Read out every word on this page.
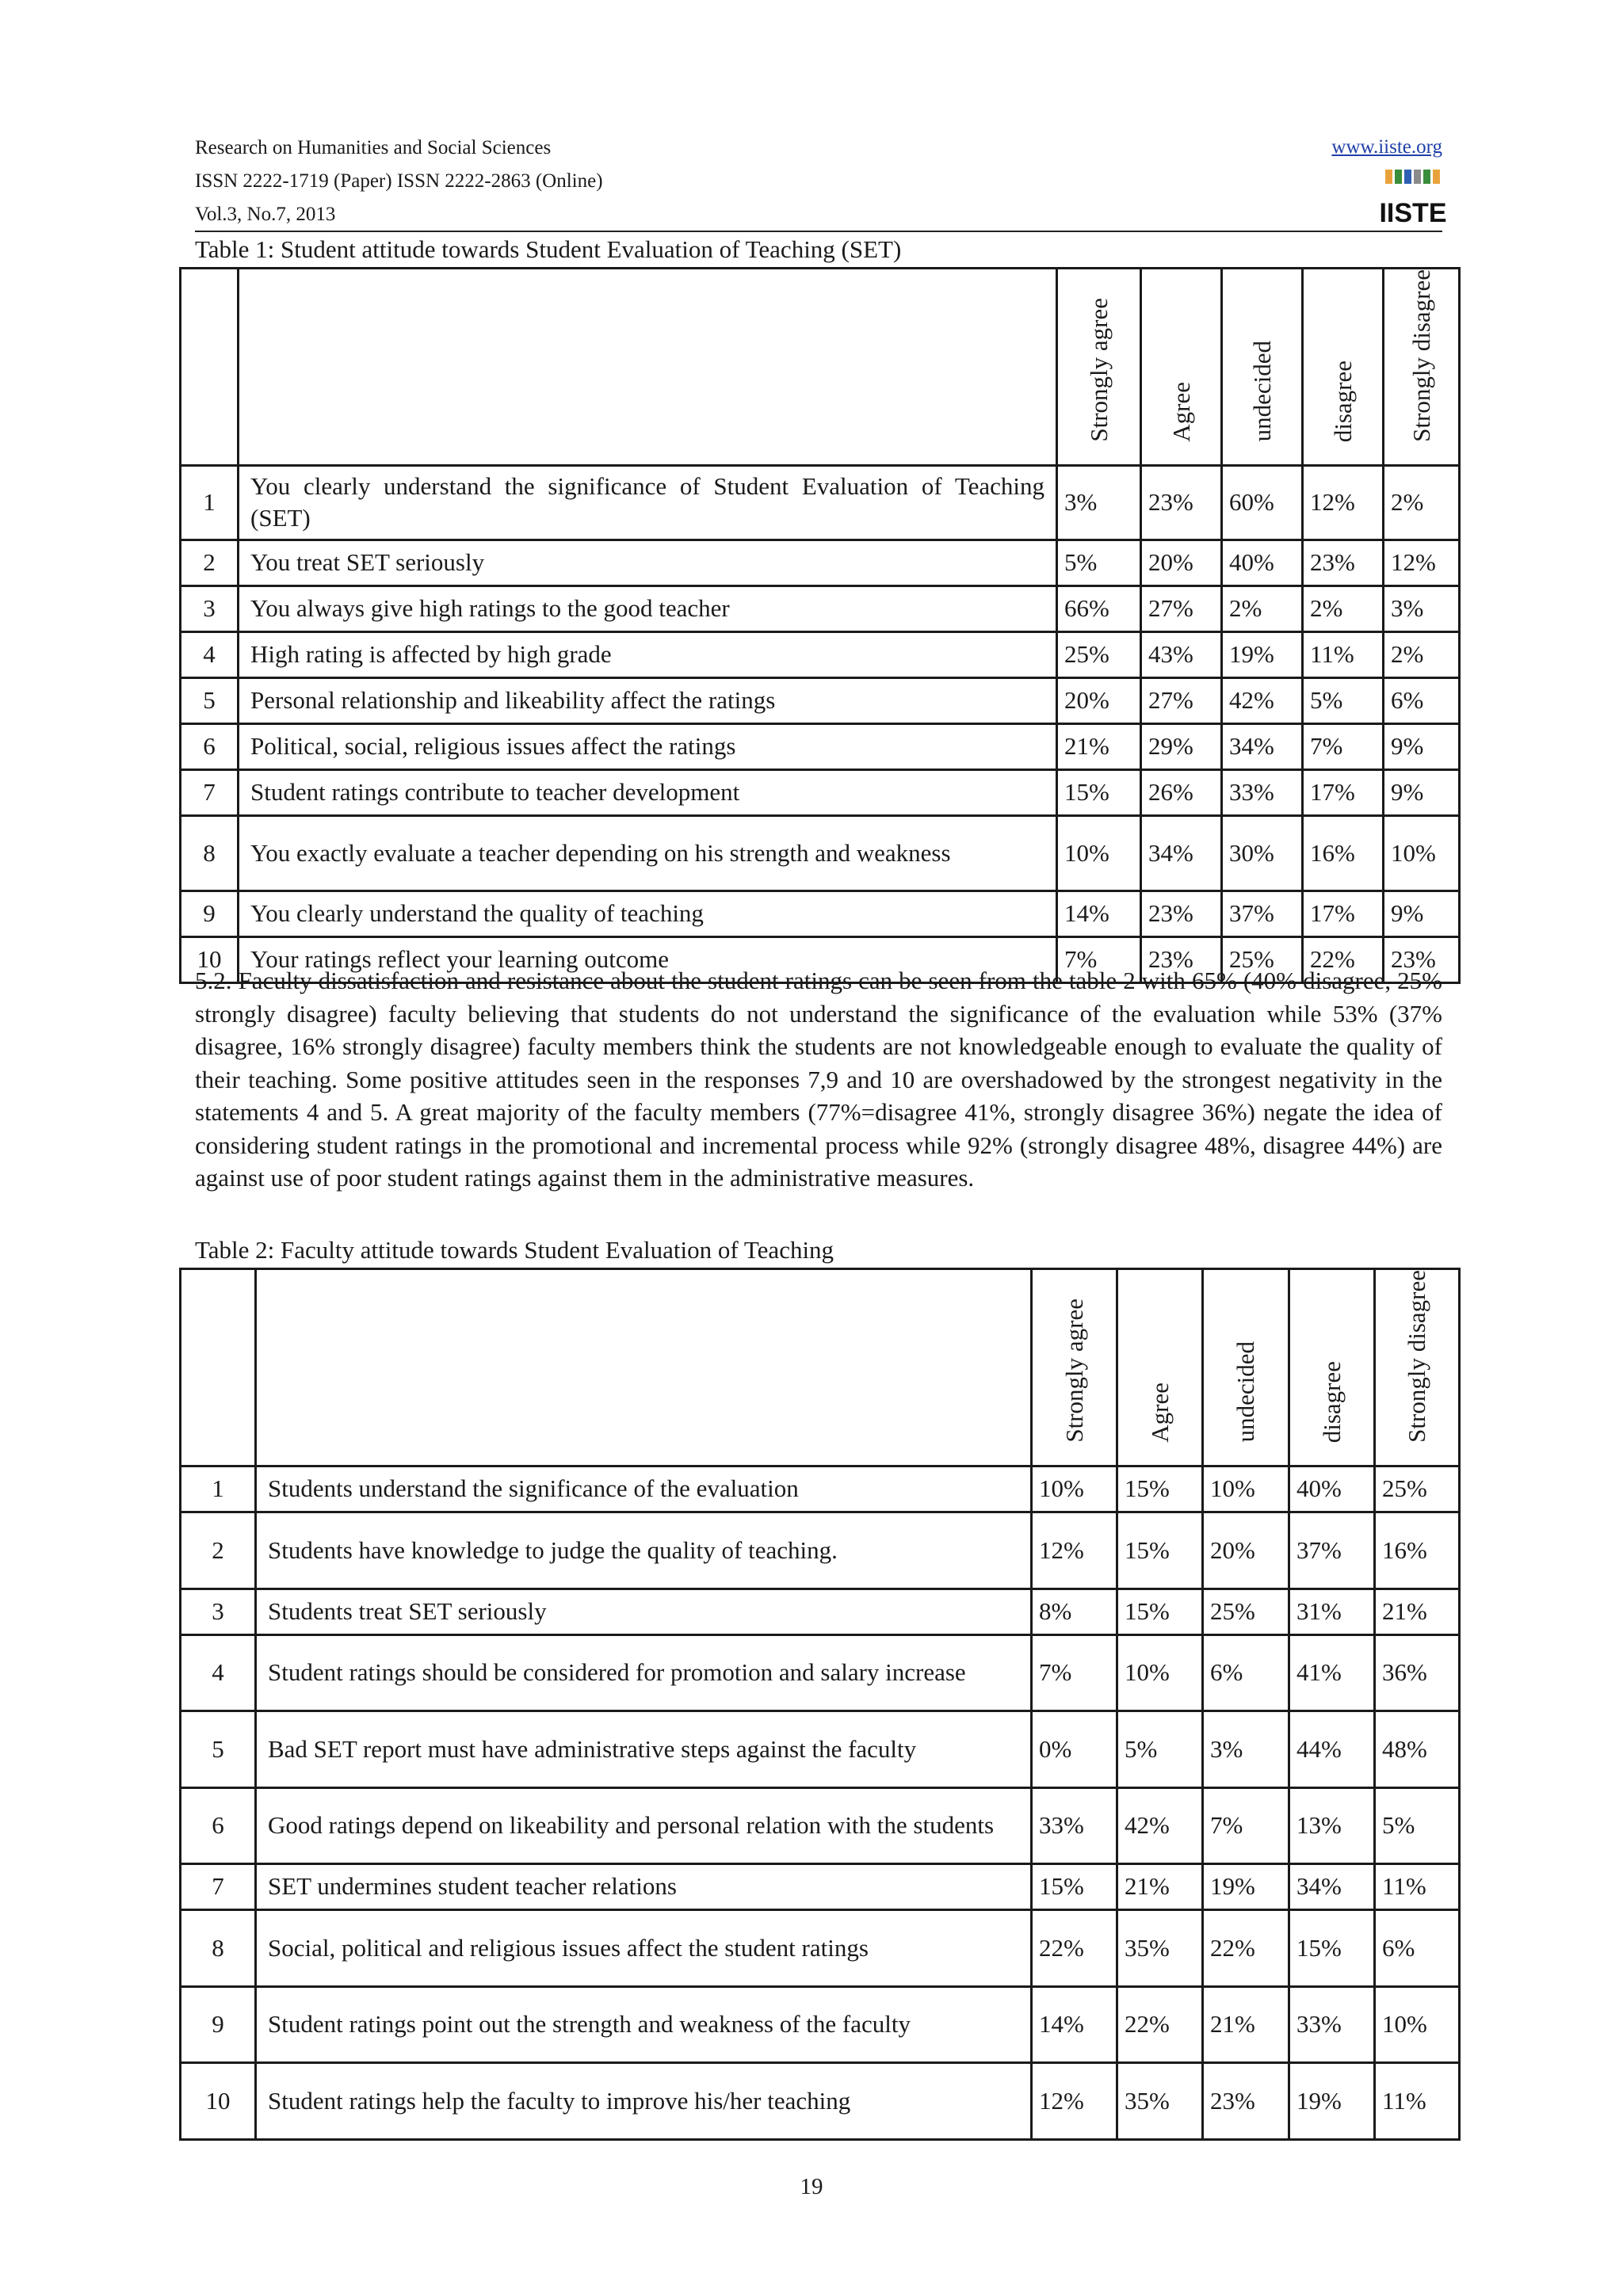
Research on Humanities and Social Sciences
ISSN 2222-1719 (Paper) ISSN 2222-2863 (Online)
Vol.3, No.7, 2013
www.iiste.org
IISTE
Table 1: Student attitude towards Student Evaluation of Teaching (SET)
		Strongly agree	Agree	undecided	disagree	Strongly disagree
1	You clearly understand the significance of Student Evaluation of Teaching (SET)	3%	23%	60%	12%	2%
2	You treat SET seriously	5%	20%	40%	23%	12%
3	You always give high ratings to the good teacher	66%	27%	2%	2%	3%
4	High rating is affected by high grade	25%	43%	19%	11%	2%
5	Personal relationship and likeability affect the ratings	20%	27%	42%	5%	6%
6	Political, social, religious issues affect the ratings	21%	29%	34%	7%	9%
7	Student ratings contribute to teacher development	15%	26%	33%	17%	9%
8	You exactly evaluate a teacher depending on his strength and weakness	10%	34%	30%	16%	10%
9	You clearly understand the quality of teaching	14%	23%	37%	17%	9%
10	Your ratings reflect your learning outcome	7%	23%	25%	22%	23%

5.2. Faculty dissatisfaction and resistance about the student ratings can be seen from the table 2 with 65% (40% disagree, 25% strongly disagree) faculty believing that students do not understand the significance of the evaluation while 53% (37% disagree, 16% strongly disagree) faculty members think the students are not knowledgeable enough to evaluate the quality of their teaching. Some positive attitudes seen in the responses 7,9 and 10 are overshadowed by the strongest negativity in the statements 4 and 5. A great majority of the faculty members (77%=disagree 41%, strongly disagree 36%) negate the idea of considering student ratings in the promotional and incremental process while 92% (strongly disagree 48%, disagree 44%) are against use of poor student ratings against them in the administrative measures.

Table 2: Faculty attitude towards Student Evaluation of Teaching
		Strongly agree	Agree	undecided	disagree	Strongly disagree
1	Students understand the significance of the evaluation	10%	15%	10%	40%	25%
2	Students have knowledge to judge the quality of teaching.	12%	15%	20%	37%	16%
3	Students treat SET seriously	8%	15%	25%	31%	21%
4	Student ratings should be considered for promotion and salary increase	7%	10%	6%	41%	36%
5	Bad SET report must have administrative steps against the faculty	0%	5%	3%	44%	48%
6	Good ratings depend on likeability and personal relation with the students	33%	42%	7%	13%	5%
7	SET undermines student teacher relations	15%	21%	19%	34%	11%
8	Social, political and religious issues affect the student ratings	22%	35%	22%	15%	6%
9	Student ratings point out the strength and weakness of the faculty	14%	22%	21%	33%	10%
10	Student ratings help the faculty to improve his/her teaching	12%	35%	23%	19%	11%
19
